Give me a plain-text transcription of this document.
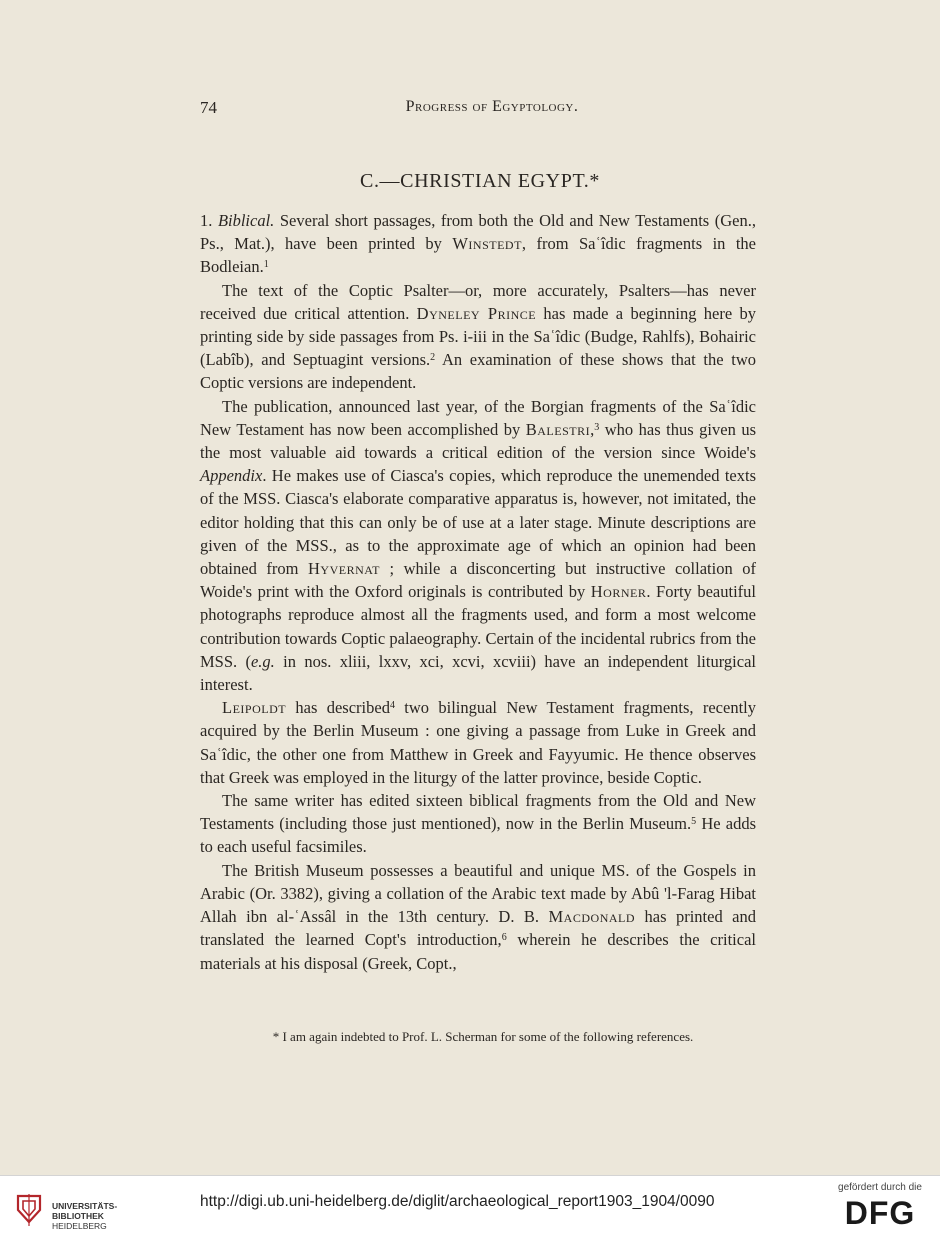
74	Progress of Egyptology.
C.—CHRISTIAN EGYPT.*

1. Biblical. Several short passages, from both the Old and New Testaments (Gen., Ps., Mat.), have been printed by Winstedt, from Saʿîdic fragments in the Bodleian.$^1$

The text of the Coptic Psalter—or, more accurately, Psalters—has never received due critical attention. Dyneley Prince has made a beginning here by printing side by side passages from Ps. i-iii in the Saʿîdic (Budge, Rahlfs), Bohairic (Labîb), and Septuagint versions.$^2$ An examination of these shows that the two Coptic versions are independent.

The publication, announced last year, of the Borgian fragments of the Saʿîdic New Testament has now been accomplished by Balestri,$^3$ who has thus given us the most valuable aid towards a critical edition of the version since Woide's Appendix. He makes use of Ciasca's copies, which reproduce the unemended texts of the MSS. Ciasca's elaborate comparative apparatus is, however, not imitated, the editor holding that this can only be of use at a later stage. Minute descriptions are given of the MSS., as to the approximate age of which an opinion had been obtained from Hyvernat ; while a disconcerting but instructive collation of Woide's print with the Oxford originals is contributed by Horner. Forty beautiful photographs reproduce almost all the fragments used, and form a most welcome contribution towards Coptic palaeography. Certain of the incidental rubrics from the MSS. (e.g. in nos. xliii, lxxv, xci, xcvi, xcviii) have an independent liturgical interest.

Leipoldt has described$^4$ two bilingual New Testament fragments, recently acquired by the Berlin Museum : one giving a passage from Luke in Greek and Saʿîdic, the other one from Matthew in Greek and Fayyumic. He thence observes that Greek was employed in the liturgy of the latter province, beside Coptic.

The same writer has edited sixteen biblical fragments from the Old and New Testaments (including those just mentioned), now in the Berlin Museum.$^5$ He adds to each useful facsimiles.

The British Museum possesses a beautiful and unique MS. of the Gospels in Arabic (Or. 3382), giving a collation of the Arabic text made by Abû 'l-Farag Hibat Allah ibn al-ʿAssâl in the 13th century. D. B. Macdonald has printed and translated the learned Copt's introduction,$^6$ wherein he describes the critical materials at his disposal (Greek, Copt.,

* I am again indebted to Prof. L. Scherman for some of the following references.
UNIVERSITÄTS-
BIBLIOTHEK
HEIDELBERG
http://digi.ub.uni-heidelberg.de/diglit/archaeological_report1903_1904/0090
gefördert durch die
DFG
